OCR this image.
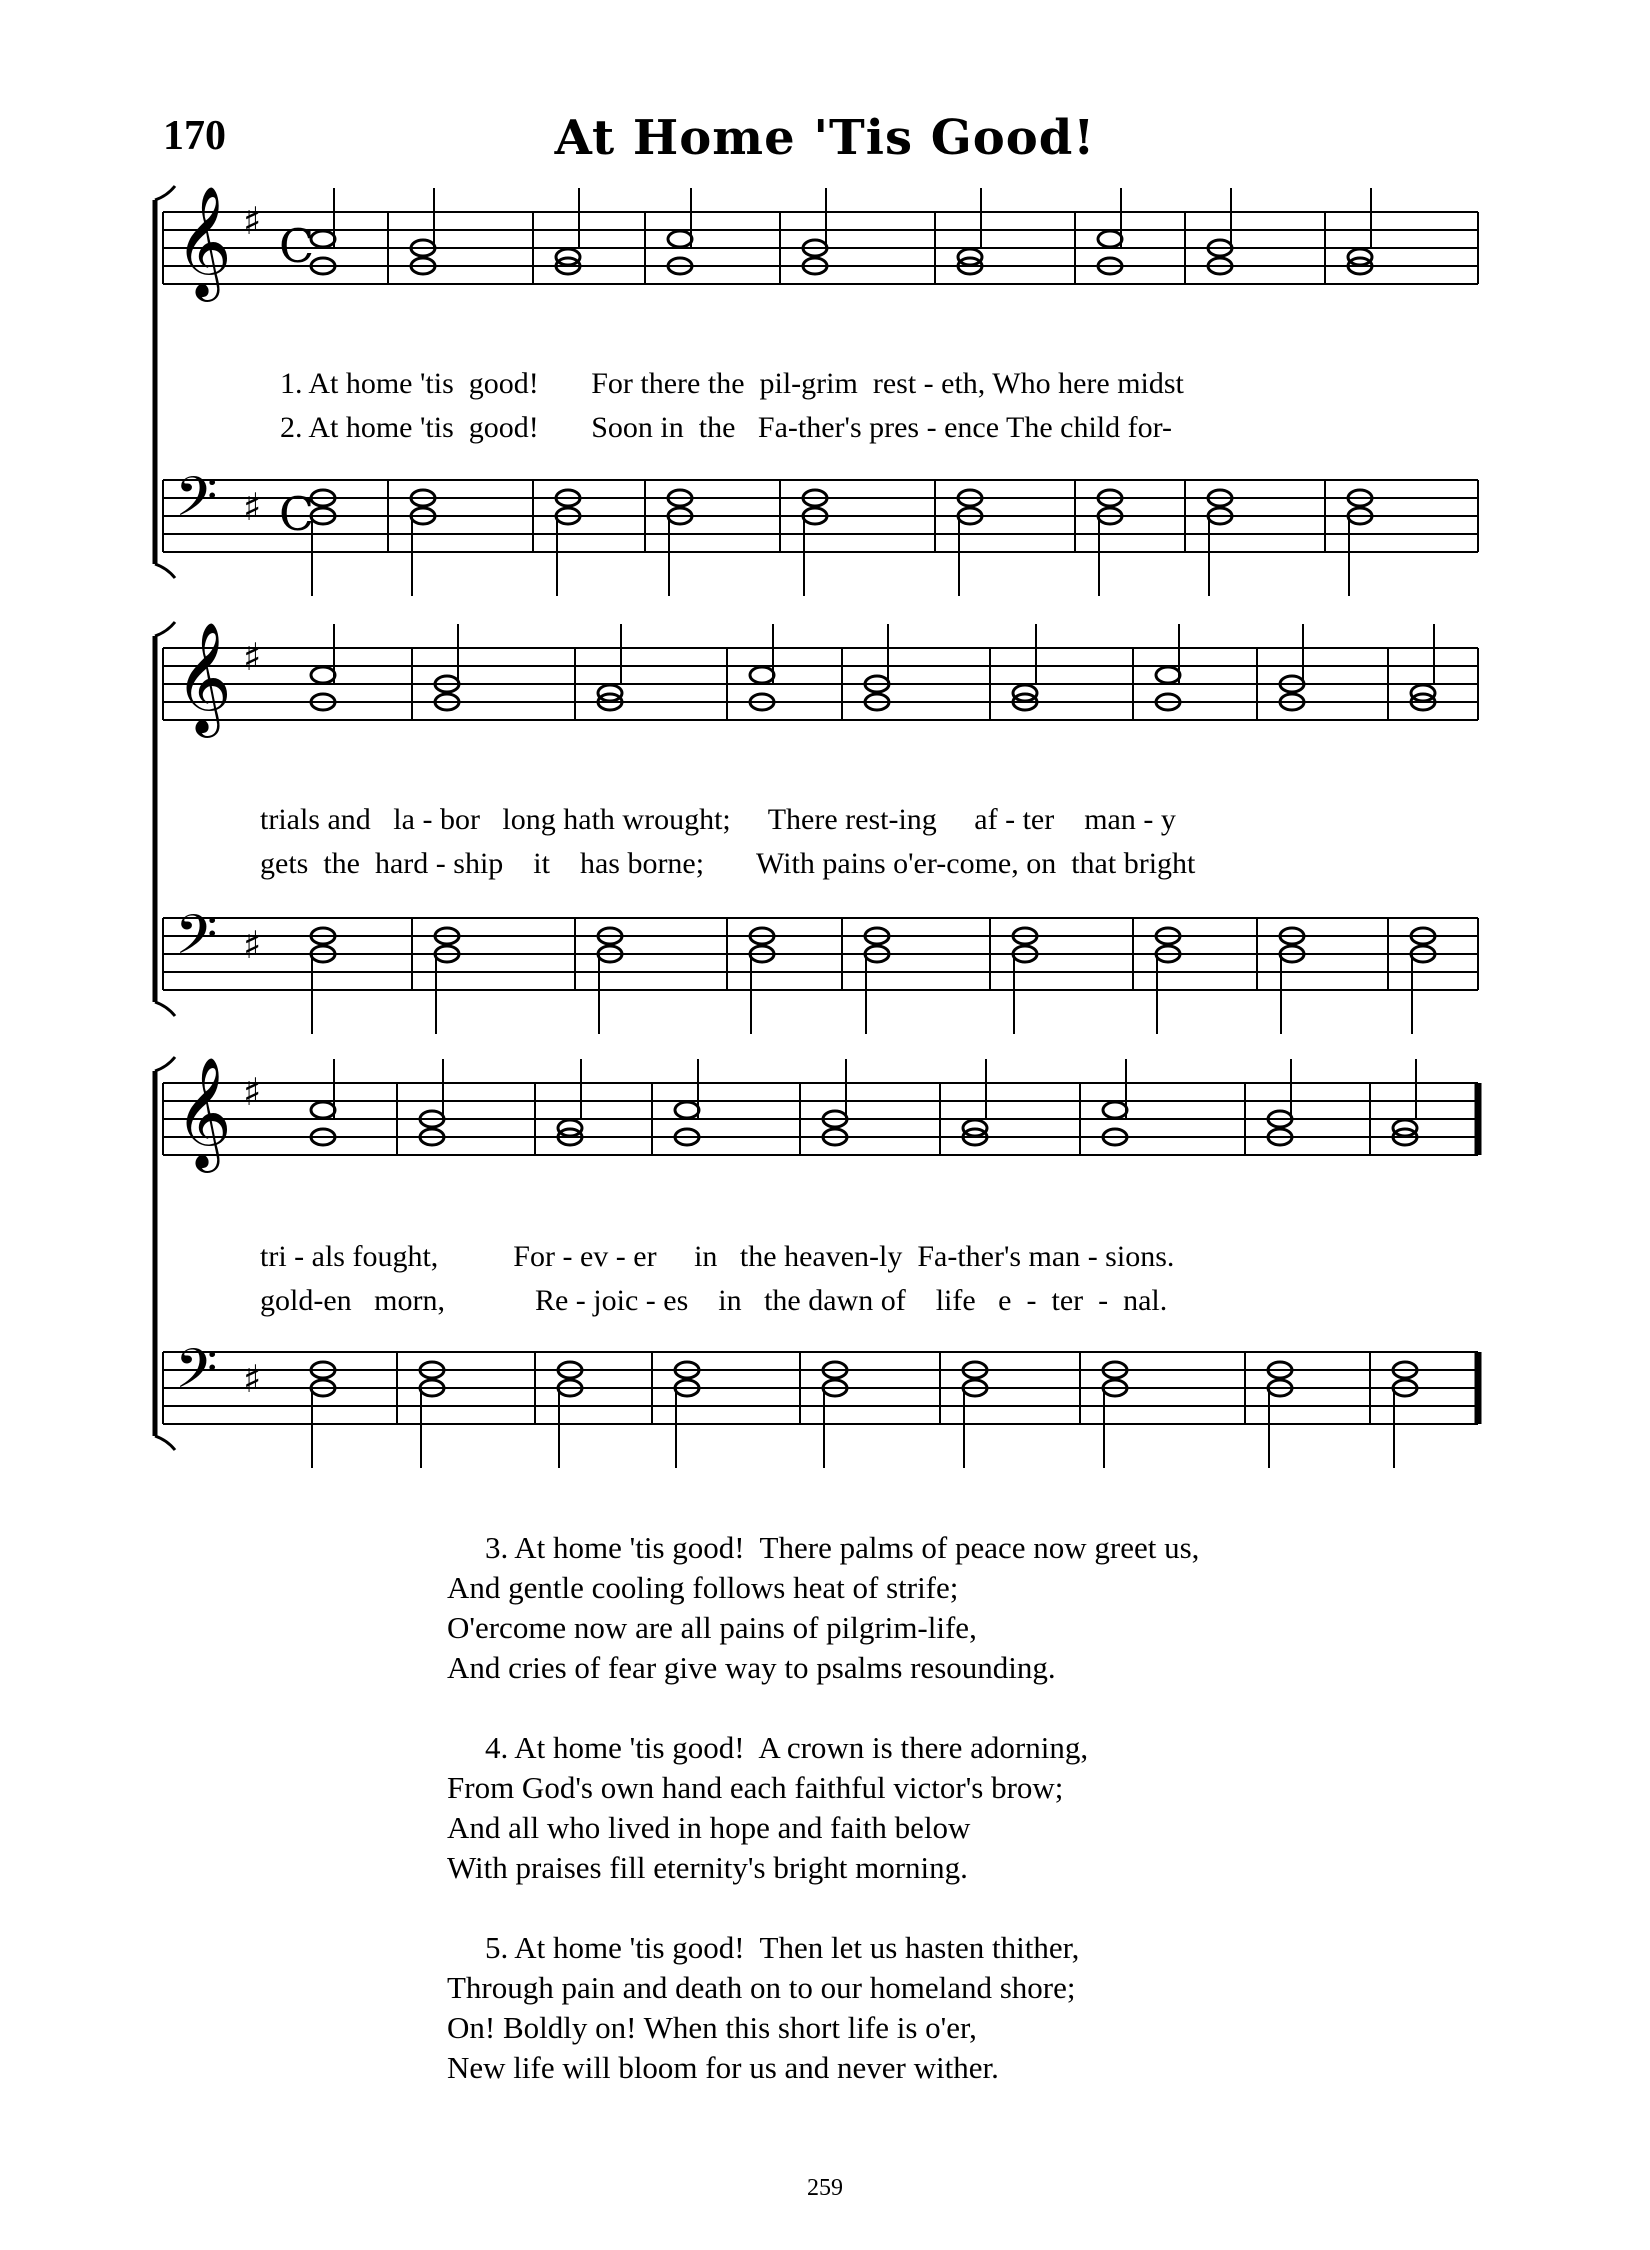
170	At Home 'Tis Good!
𝄞 ♯ C
𝄢 ♯ C
𝄞 ♯
𝄢 ♯
𝄞 ♯
𝄢 ♯
1. At home 'tis  good!       For there the  pil-grim  rest - eth, Who here midst
2. At home 'tis  good!       Soon in  the   Fa-ther's pres - ence The child for-
trials and   la - bor   long hath wrought;     There rest-ing     af - ter    man - y
gets  the  hard - ship    it    has borne;       With pains o'er-come, on  that bright
tri - als fought,          For - ev - er     in   the heaven-ly  Fa-ther's man - sions.
gold-en   morn,            Re - joic - es    in   the dawn of    life   e  -  ter  -  nal.
3. At home 'tis good!  There palms of peace now greet us,
And gentle cooling follows heat of strife;
O'ercome now are all pains of pilgrim-life,
And cries of fear give way to psalms resounding.
4. At home 'tis good!  A crown is there adorning,
From God's own hand each faithful victor's brow;
And all who lived in hope and faith below
With praises fill eternity's bright morning.
5. At home 'tis good!  Then let us hasten thither,
Through pain and death on to our homeland shore;
On! Boldly on! When this short life is o'er,
New life will bloom for us and never wither.
259
